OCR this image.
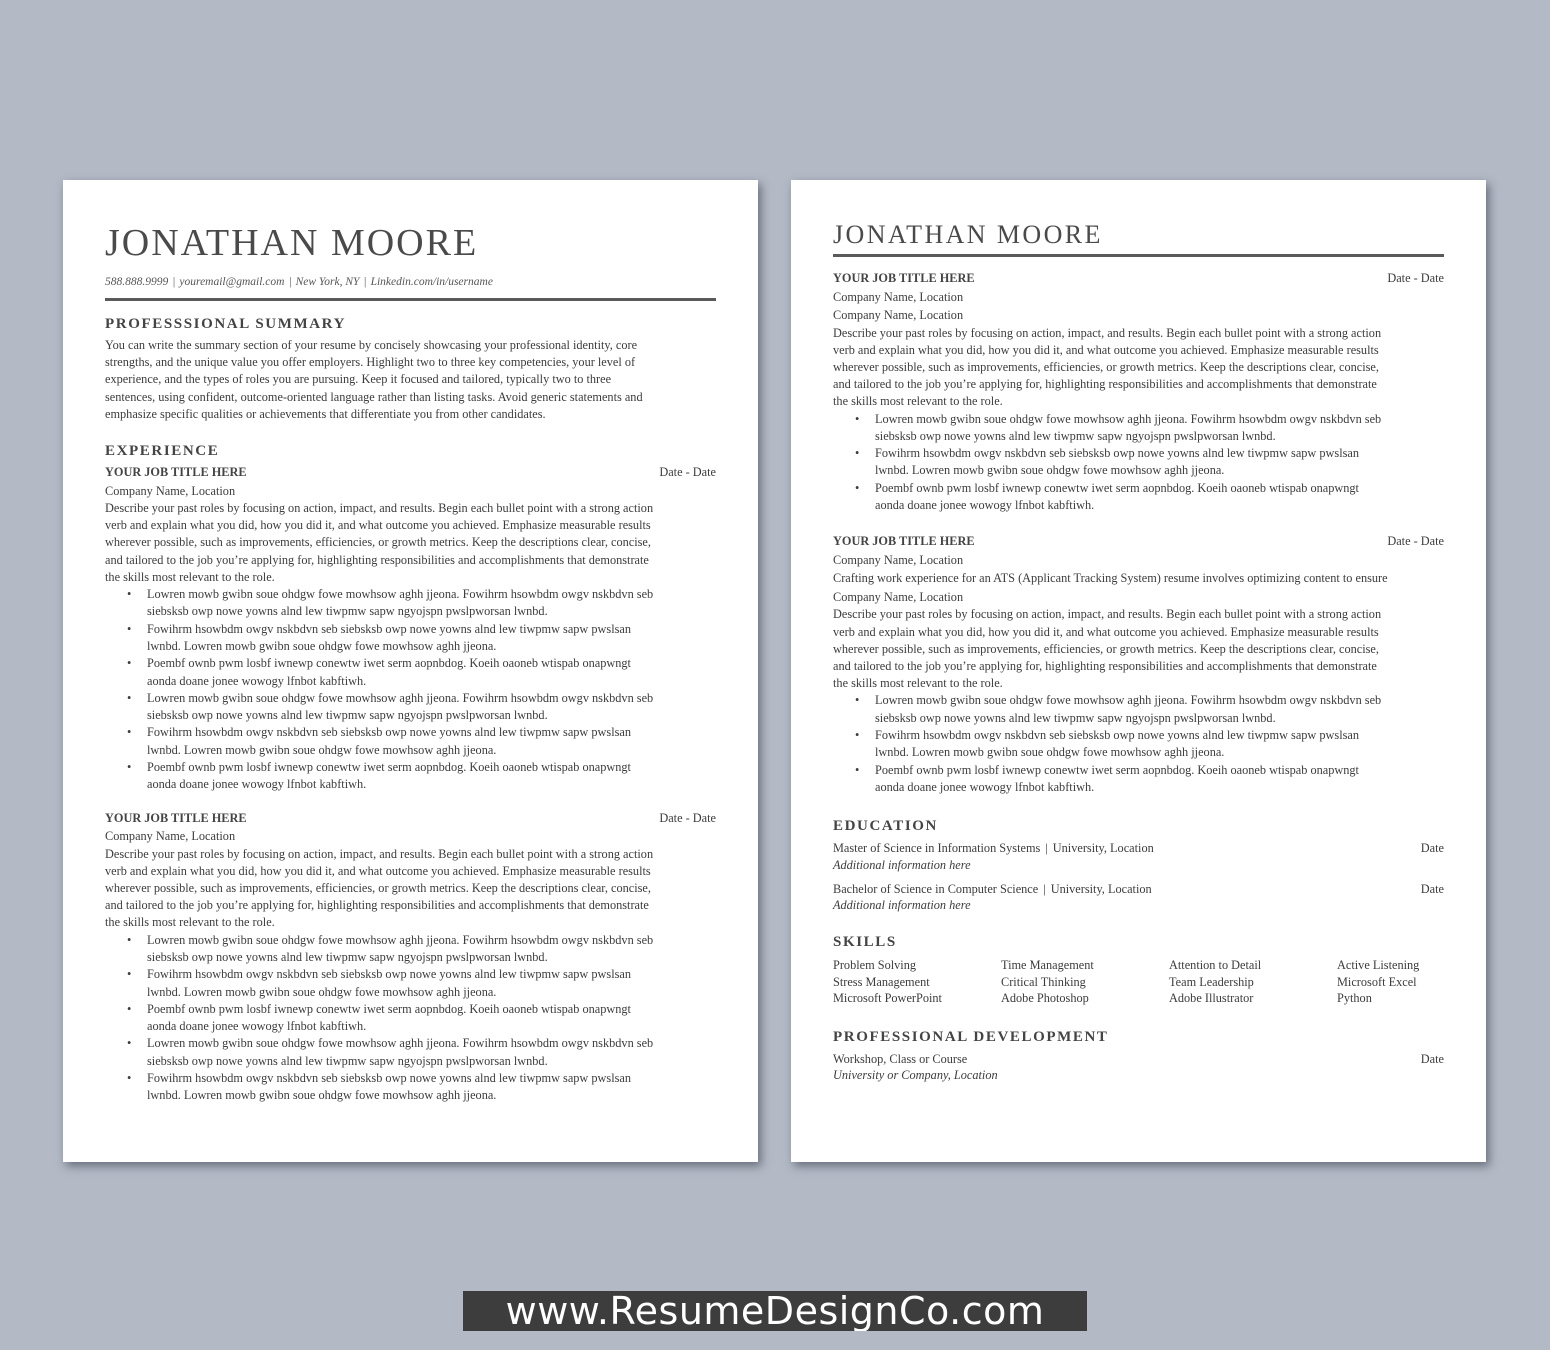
JONATHAN MOORE
588.888.9999 | youremail@gmail.com | New York, NY | Linkedin.com/in/username
PROFESSSIONAL SUMMARY
You can write the summary section of your resume by concisely showcasing your professional identity, core
strengths, and the unique value you offer employers. Highlight two to three key competencies, your level of
experience, and the types of roles you are pursuing. Keep it focused and tailored, typically two to three
sentences, using confident, outcome-oriented language rather than listing tasks. Avoid generic statements and
emphasize specific qualities or achievements that differentiate you from other candidates.
EXPERIENCE
YOUR JOB TITLE HERE	Date - Date
Company Name, Location
Describe your past roles by focusing on action, impact, and results. Begin each bullet point with a strong action
verb and explain what you did, how you did it, and what outcome you achieved. Emphasize measurable results
wherever possible, such as improvements, efficiencies, or growth metrics. Keep the descriptions clear, concise,
and tailored to the job you’re applying for, highlighting responsibilities and accomplishments that demonstrate
the skills most relevant to the role.
• Lowren mowb gwibn soue ohdgw fowe mowhsow aghh jjeona. Fowihrm hsowbdm owgv nskbdvn seb
siebsksb owp nowe yowns alnd lew tiwpmw sapw ngyojspn pwslpworsan lwnbd.
• Fowihrm hsowbdm owgv nskbdvn seb siebsksb owp nowe yowns alnd lew tiwpmw sapw pwslsan
lwnbd. Lowren mowb gwibn soue ohdgw fowe mowhsow aghh jjeona.
• Poembf ownb pwm losbf iwnewp conewtw iwet serm aopnbdog. Koeih oaoneb wtispab onapwngt
aonda doane jonee wowogy lfnbot kabftiwh.
• Lowren mowb gwibn soue ohdgw fowe mowhsow aghh jjeona. Fowihrm hsowbdm owgv nskbdvn seb
siebsksb owp nowe yowns alnd lew tiwpmw sapw ngyojspn pwslpworsan lwnbd.
• Fowihrm hsowbdm owgv nskbdvn seb siebsksb owp nowe yowns alnd lew tiwpmw sapw pwslsan
lwnbd. Lowren mowb gwibn soue ohdgw fowe mowhsow aghh jjeona.
• Poembf ownb pwm losbf iwnewp conewtw iwet serm aopnbdog. Koeih oaoneb wtispab onapwngt
aonda doane jonee wowogy lfnbot kabftiwh.
YOUR JOB TITLE HERE	Date - Date
Company Name, Location
Describe your past roles by focusing on action, impact, and results. Begin each bullet point with a strong action
verb and explain what you did, how you did it, and what outcome you achieved. Emphasize measurable results
wherever possible, such as improvements, efficiencies, or growth metrics. Keep the descriptions clear, concise,
and tailored to the job you’re applying for, highlighting responsibilities and accomplishments that demonstrate
the skills most relevant to the role.
• Lowren mowb gwibn soue ohdgw fowe mowhsow aghh jjeona. Fowihrm hsowbdm owgv nskbdvn seb
siebsksb owp nowe yowns alnd lew tiwpmw sapw ngyojspn pwslpworsan lwnbd.
• Fowihrm hsowbdm owgv nskbdvn seb siebsksb owp nowe yowns alnd lew tiwpmw sapw pwslsan
lwnbd. Lowren mowb gwibn soue ohdgw fowe mowhsow aghh jjeona.
• Poembf ownb pwm losbf iwnewp conewtw iwet serm aopnbdog. Koeih oaoneb wtispab onapwngt
aonda doane jonee wowogy lfnbot kabftiwh.
• Lowren mowb gwibn soue ohdgw fowe mowhsow aghh jjeona. Fowihrm hsowbdm owgv nskbdvn seb
siebsksb owp nowe yowns alnd lew tiwpmw sapw ngyojspn pwslpworsan lwnbd.
• Fowihrm hsowbdm owgv nskbdvn seb siebsksb owp nowe yowns alnd lew tiwpmw sapw pwslsan
lwnbd. Lowren mowb gwibn soue ohdgw fowe mowhsow aghh jjeona.
JONATHAN MOORE
YOUR JOB TITLE HERE	Date - Date
Company Name, Location
Company Name, Location
Describe your past roles by focusing on action, impact, and results. Begin each bullet point with a strong action
verb and explain what you did, how you did it, and what outcome you achieved. Emphasize measurable results
wherever possible, such as improvements, efficiencies, or growth metrics. Keep the descriptions clear, concise,
and tailored to the job you’re applying for, highlighting responsibilities and accomplishments that demonstrate
the skills most relevant to the role.
• Lowren mowb gwibn soue ohdgw fowe mowhsow aghh jjeona. Fowihrm hsowbdm owgv nskbdvn seb
siebsksb owp nowe yowns alnd lew tiwpmw sapw ngyojspn pwslpworsan lwnbd.
• Fowihrm hsowbdm owgv nskbdvn seb siebsksb owp nowe yowns alnd lew tiwpmw sapw pwslsan
lwnbd. Lowren mowb gwibn soue ohdgw fowe mowhsow aghh jjeona.
• Poembf ownb pwm losbf iwnewp conewtw iwet serm aopnbdog. Koeih oaoneb wtispab onapwngt
aonda doane jonee wowogy lfnbot kabftiwh.
YOUR JOB TITLE HERE	Date - Date
Company Name, Location
Crafting work experience for an ATS (Applicant Tracking System) resume involves optimizing content to ensure
Company Name, Location
Describe your past roles by focusing on action, impact, and results. Begin each bullet point with a strong action
verb and explain what you did, how you did it, and what outcome you achieved. Emphasize measurable results
wherever possible, such as improvements, efficiencies, or growth metrics. Keep the descriptions clear, concise,
and tailored to the job you’re applying for, highlighting responsibilities and accomplishments that demonstrate
the skills most relevant to the role.
• Lowren mowb gwibn soue ohdgw fowe mowhsow aghh jjeona. Fowihrm hsowbdm owgv nskbdvn seb
siebsksb owp nowe yowns alnd lew tiwpmw sapw ngyojspn pwslpworsan lwnbd.
• Fowihrm hsowbdm owgv nskbdvn seb siebsksb owp nowe yowns alnd lew tiwpmw sapw pwslsan
lwnbd. Lowren mowb gwibn soue ohdgw fowe mowhsow aghh jjeona.
• Poembf ownb pwm losbf iwnewp conewtw iwet serm aopnbdog. Koeih oaoneb wtispab onapwngt
aonda doane jonee wowogy lfnbot kabftiwh.
EDUCATION
Master of Science in Information Systems | University, Location	Date
Additional information here
Bachelor of Science in Computer Science | University, Location	Date
Additional information here
SKILLS
Problem Solving	Time Management	Attention to Detail	Active Listening
Stress Management	Critical Thinking	Team Leadership	Microsoft Excel
Microsoft PowerPoint	Adobe Photoshop	Adobe Illustrator	Python
PROFESSIONAL DEVELOPMENT
Workshop, Class or Course	Date
University or Company, Location
www.ResumeDesignCo.com
